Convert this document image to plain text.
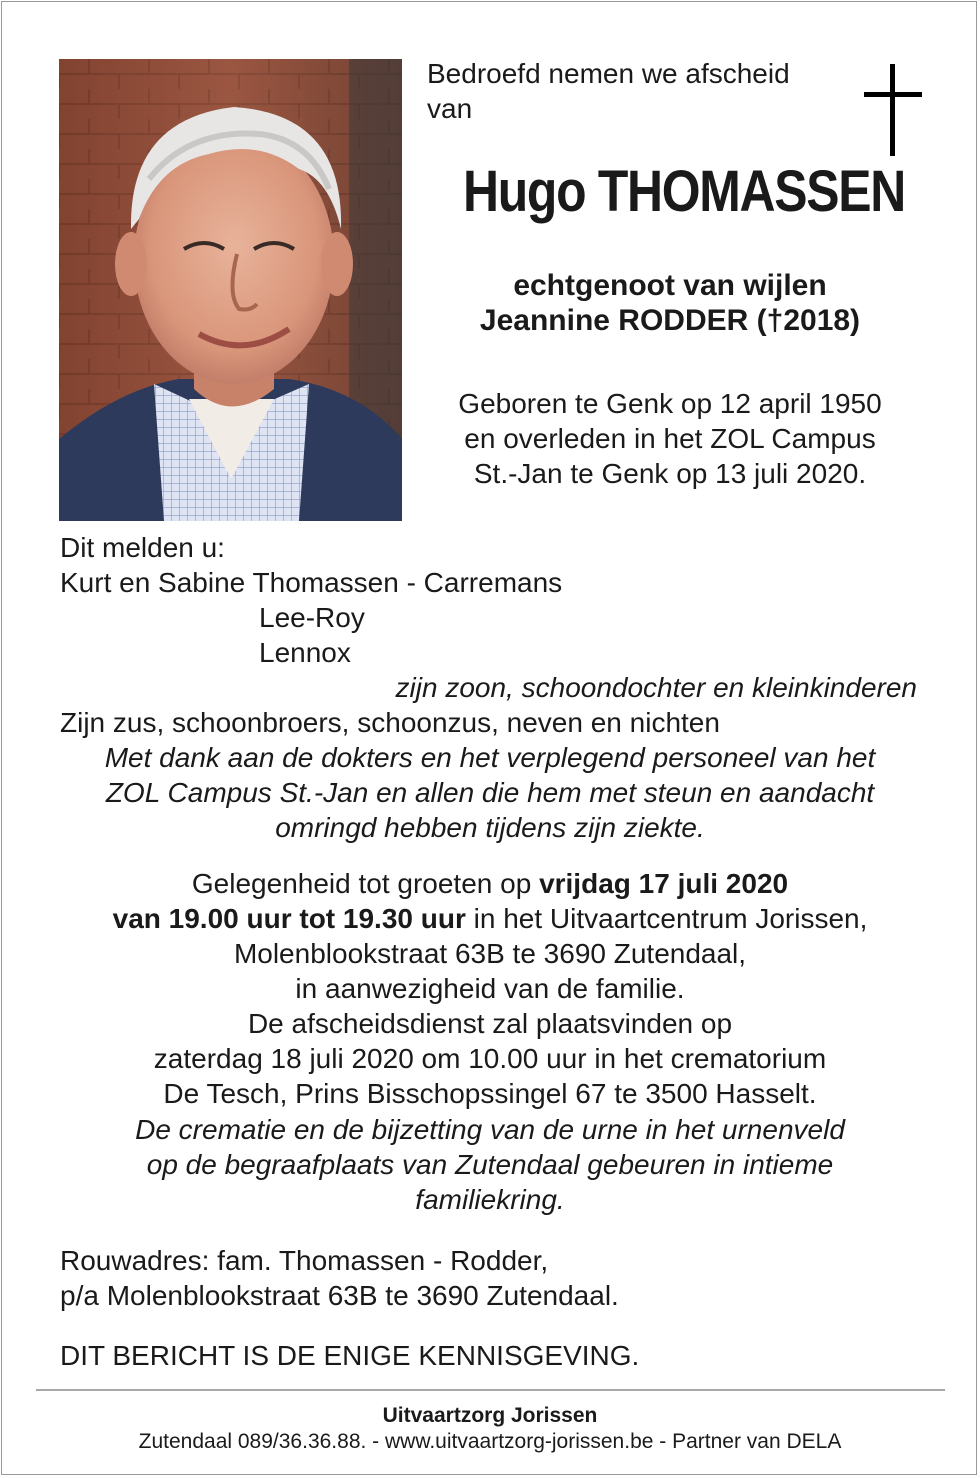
Bedroefd nemen we afscheid
van
Hugo THOMASSEN
echtgenoot van wijlen
Jeannine RODDER (†2018)
Geboren te Genk op 12 april 1950
en overleden in het ZOL Campus
St.-Jan te Genk op 13 juli 2020.
Dit melden u:
Kurt en Sabine Thomassen - Carremans
Lee-Roy
Lennox
zijn zoon, schoondochter en kleinkinderen
Zijn zus, schoonbroers, schoonzus, neven en nichten
Met dank aan de dokters en het verplegend personeel van het
ZOL Campus St.-Jan en allen die hem met steun en aandacht
omringd hebben tijdens zijn ziekte.
Gelegenheid tot groeten op vrijdag 17 juli 2020
van 19.00 uur tot 19.30 uur in het Uitvaartcentrum Jorissen,
Molenblookstraat 63B te 3690 Zutendaal,
in aanwezigheid van de familie.
De afscheidsdienst zal plaatsvinden op
zaterdag 18 juli 2020 om 10.00 uur in het crematorium
De Tesch, Prins Bisschopssingel 67 te 3500 Hasselt.
De crematie en de bijzetting van de urne in het urnenveld
op de begraafplaats van Zutendaal gebeuren in intieme
familiekring.
Rouwadres: fam. Thomassen - Rodder,
p/a Molenblookstraat 63B te 3690 Zutendaal.
DIT BERICHT IS DE ENIGE KENNISGEVING.
Uitvaartzorg Jorissen
Zutendaal 089/36.36.88. - www.uitvaartzorg-jorissen.be - Partner van DELA
